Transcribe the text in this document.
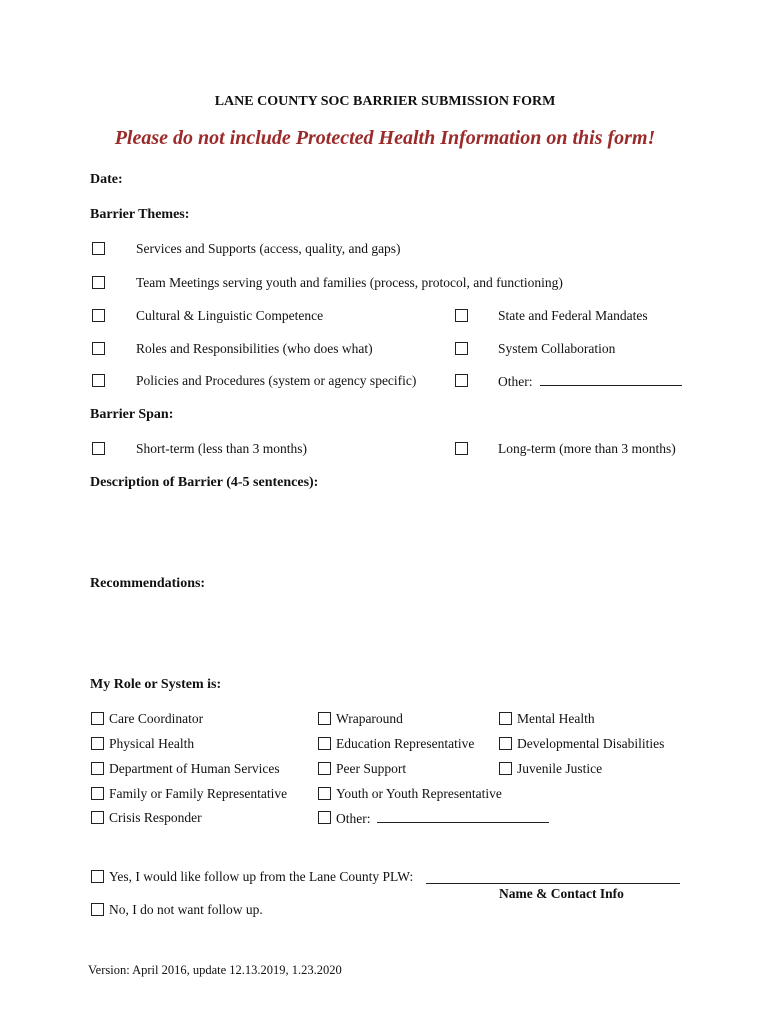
LANE COUNTY SOC BARRIER SUBMISSION FORM
Please do not include Protected Health Information on this form!
Date:
Barrier Themes:
Services and Supports (access, quality, and gaps)
Team Meetings serving youth and families (process, protocol, and functioning)
Cultural & Linguistic Competence	State and Federal Mandates
Roles and Responsibilities (who does what)	System Collaboration
Policies and Procedures (system or agency specific)	Other:
Barrier Span:
Short-term (less than 3 months)	Long-term (more than 3 months)
Description of Barrier (4-5 sentences):
Recommendations:
My Role or System is:
Care Coordinator
Physical Health
Department of Human Services
Family or Family Representative
Crisis Responder
Wraparound
Education Representative
Peer Support
Youth or Youth Representative
Other:
Mental Health
Developmental Disabilities
Juvenile Justice
Yes, I would like follow up from the Lane County PLW:
Name & Contact Info
No, I do not want follow up.
Version: April 2016, update 12.13.2019, 1.23.2020
